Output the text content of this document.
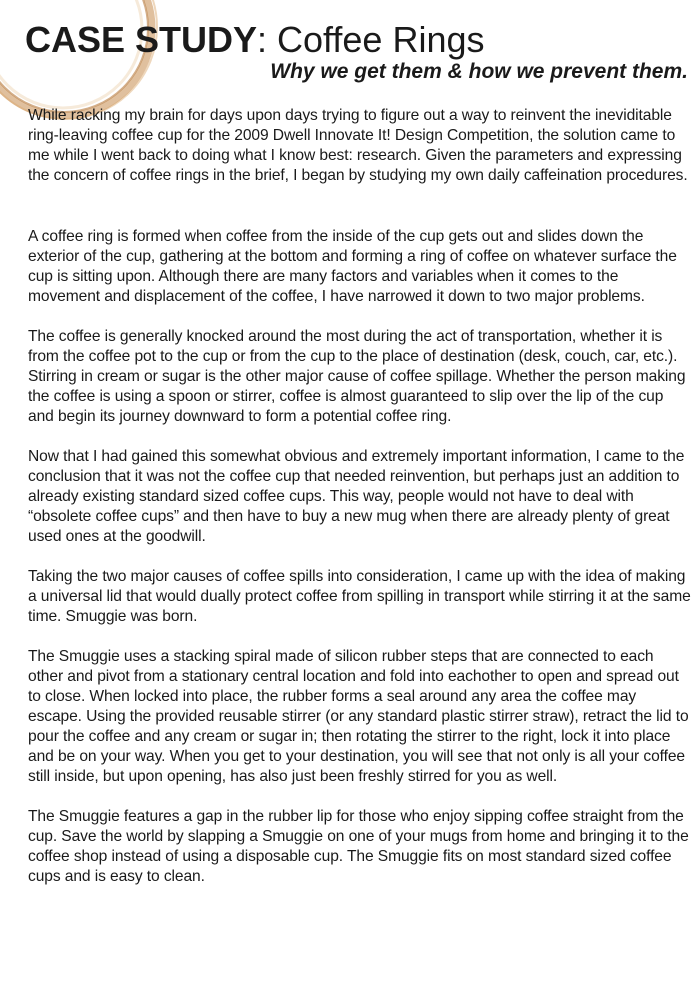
CASE STUDY: Coffee Rings
Why we get them & how we prevent them.

While racking my brain for days upon days trying to figure out a way to reinvent the ineviditable ring-leaving coffee cup for the 2009 Dwell Innovate It! Design Competition, the solution came to me while I went back to doing what I know best: research. Given the parameters and expressing the concern of coffee rings in the brief, I began by studying my own daily caffeination procedures.

A coffee ring is formed when coffee from the inside of the cup gets out and slides down the exterior of the cup, gathering at the bottom and forming a ring of coffee on whatever surface the cup is sitting upon. Although there are many factors and variables when it comes to the movement and displacement of the coffee, I have narrowed it down to two major problems.

The coffee is generally knocked around the most during the act of transportation, whether it is from the coffee pot to the cup or from the cup to the place of destination (desk, couch, car, etc.). Stirring in cream or sugar is the other major cause of coffee spillage. Whether the person making the coffee is using a spoon or stirrer, coffee is almost guaranteed to slip over the lip of the cup and begin its journey downward to form a potential coffee ring.

Now that I had gained this somewhat obvious and extremely important information, I came to the conclusion that it was not the coffee cup that needed reinvention, but perhaps just an addition to already existing standard sized coffee cups. This way, people would not have to deal with “obsolete coffee cups” and then have to buy a new mug when there are already plenty of great used ones at the goodwill.

Taking the two major causes of coffee spills into consideration, I came up with the idea of making a universal lid that would dually protect coffee from spilling in transport while stirring it at the same time. Smuggie was born.

The Smuggie uses a stacking spiral made of silicon rubber steps that are connected to each other and pivot from a stationary central location and fold into eachother to open and spread out to close. When locked into place, the rubber forms a seal around any area the coffee may escape. Using the provided reusable stirrer (or any standard plastic stirrer straw), retract the lid to pour the coffee and any cream or sugar in; then rotating the stirrer to the right, lock it into place and be on your way. When you get to your destination, you will see that not only is all your coffee still inside, but upon opening, has also just been freshly stirred for you as well.

The Smuggie features a gap in the rubber lip for those who enjoy sipping coffee straight from the cup. Save the world by slapping a Smuggie on one of your mugs from home and bringing it to the coffee shop instead of using a disposable cup. The Smuggie fits on most standard sized coffee cups and is easy to clean.
